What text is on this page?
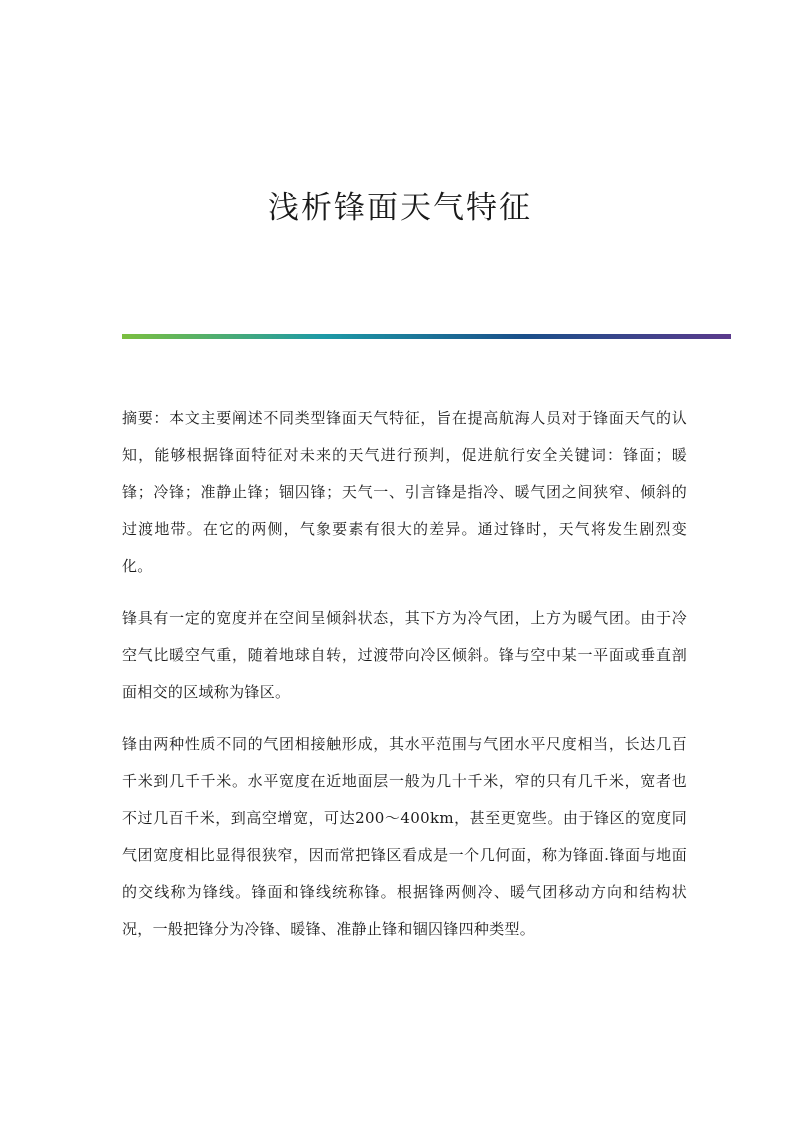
浅析锋面天气特征

摘要：本文主要阐述不同类型锋面天气特征，旨在提高航海人员对于锋面天气的认知，能够根据锋面特征对未来的天气进行预判，促进航行安全关键词：锋面；暖锋；冷锋；准静止锋；锢囚锋；天气一、引言锋是指冷、暖气团之间狭窄、倾斜的过渡地带。在它的两侧，气象要素有很大的差异。通过锋时，天气将发生剧烈变化。

锋具有一定的宽度并在空间呈倾斜状态，其下方为冷气团，上方为暖气团。由于冷空气比暖空气重，随着地球自转，过渡带向冷区倾斜。锋与空中某一平面或垂直剖面相交的区域称为锋区。

锋由两种性质不同的气团相接触形成，其水平范围与气团水平尺度相当，长达几百千米到几千千米。水平宽度在近地面层一般为几十千米，窄的只有几千米，宽者也不过几百千米，到高空增宽，可达200～400km，甚至更宽些。由于锋区的宽度同气团宽度相比显得很狭窄，因而常把锋区看成是一个几何面，称为锋面.锋面与地面的交线称为锋线。锋面和锋线统称锋。根据锋两侧冷、暖气团移动方向和结构状况，一般把锋分为冷锋、暖锋、准静止锋和锢囚锋四种类型。
